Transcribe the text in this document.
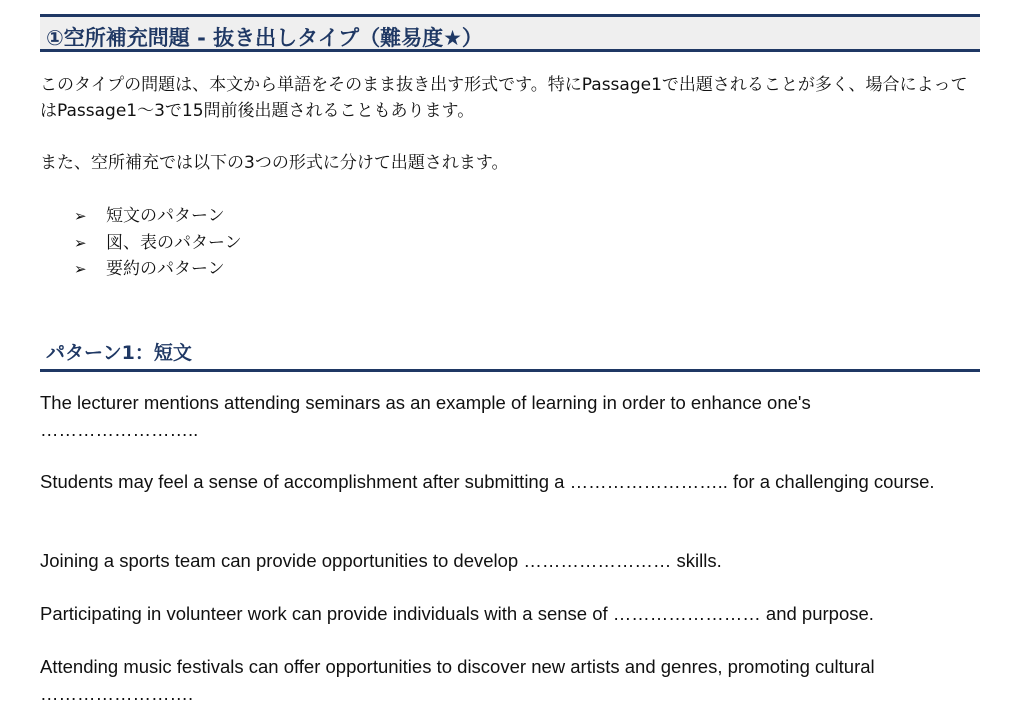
①空所補充問題 - 抜き出しタイプ（難易度★）
このタイプの問題は、本文から単語をそのまま抜き出す形式です。特にPassage1で出題されることが多く、場合によってはPassage1〜3で15問前後出題されることもあります。
また、空所補充では以下の3つの形式に分けて出題されます。
➢ 短文のパターン
➢ 図、表のパターン
➢ 要約のパターン
パターン1：短文
The lecturer mentions attending seminars as an example of learning in order to enhance one's ……………………..
Students may feel a sense of accomplishment after submitting a …………………….. for a challenging course.
Joining a sports team can provide opportunities to develop …………………… skills.
Participating in volunteer work can provide individuals with a sense of …………………… and purpose.
Attending music festivals can offer opportunities to discover new artists and genres, promoting cultural …………………….
